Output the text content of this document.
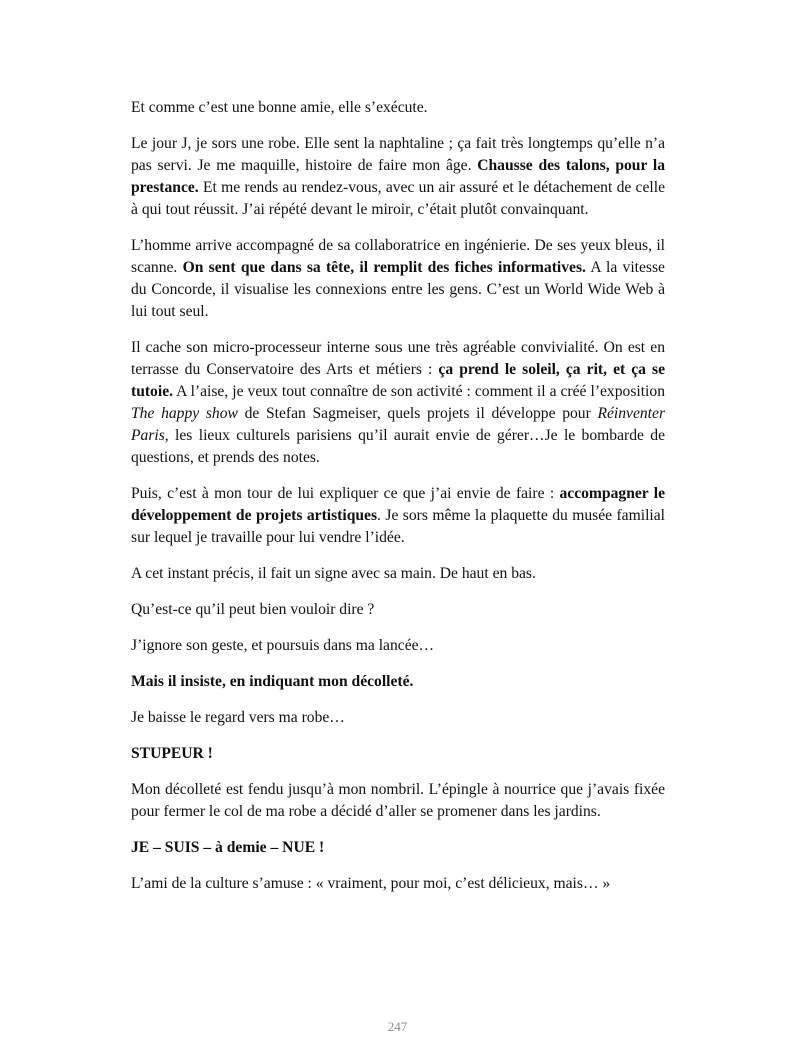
Et comme c’est une bonne amie, elle s’exécute.

Le jour J, je sors une robe. Elle sent la naphtaline ; ça fait très longtemps qu’elle n’a pas servi. Je me maquille, histoire de faire mon âge. Chausse des talons, pour la prestance. Et me rends au rendez-vous, avec un air assuré et le détachement de celle à qui tout réussit. J’ai répété devant le miroir, c’était plutôt convainquant.

L’homme arrive accompagné de sa collaboratrice en ingénierie. De ses yeux bleus, il scanne. On sent que dans sa tête, il remplit des fiches informatives. A la vitesse du Concorde, il visualise les connexions entre les gens. C’est un World Wide Web à lui tout seul.

Il cache son micro-processeur interne sous une très agréable convivialité. On est en terrasse du Conservatoire des Arts et métiers : ça prend le soleil, ça rit, et ça se tutoie. A l’aise, je veux tout connaître de son activité : comment il a créé l’exposition The happy show de Stefan Sagmeiser, quels projets il développe pour Réinventer Paris, les lieux culturels parisiens qu’il aurait envie de gérer…Je le bombarde de questions, et prends des notes.

Puis, c’est à mon tour de lui expliquer ce que j’ai envie de faire : accompagner le développement de projets artistiques. Je sors même la plaquette du musée familial sur lequel je travaille pour lui vendre l’idée.

A cet instant précis, il fait un signe avec sa main. De haut en bas.

Qu’est-ce qu’il peut bien vouloir dire ?

J’ignore son geste, et poursuis dans ma lancée…

Mais il insiste, en indiquant mon décolleté.

Je baisse le regard vers ma robe…

STUPEUR !

Mon décolleté est fendu jusqu’à mon nombril. L’épingle à nourrice que j’avais fixée pour fermer le col de ma robe a décidé d’aller se promener dans les jardins.

JE – SUIS – à demie – NUE !

L’ami de la culture s’amuse : « vraiment, pour moi, c’est délicieux, mais… »

247
